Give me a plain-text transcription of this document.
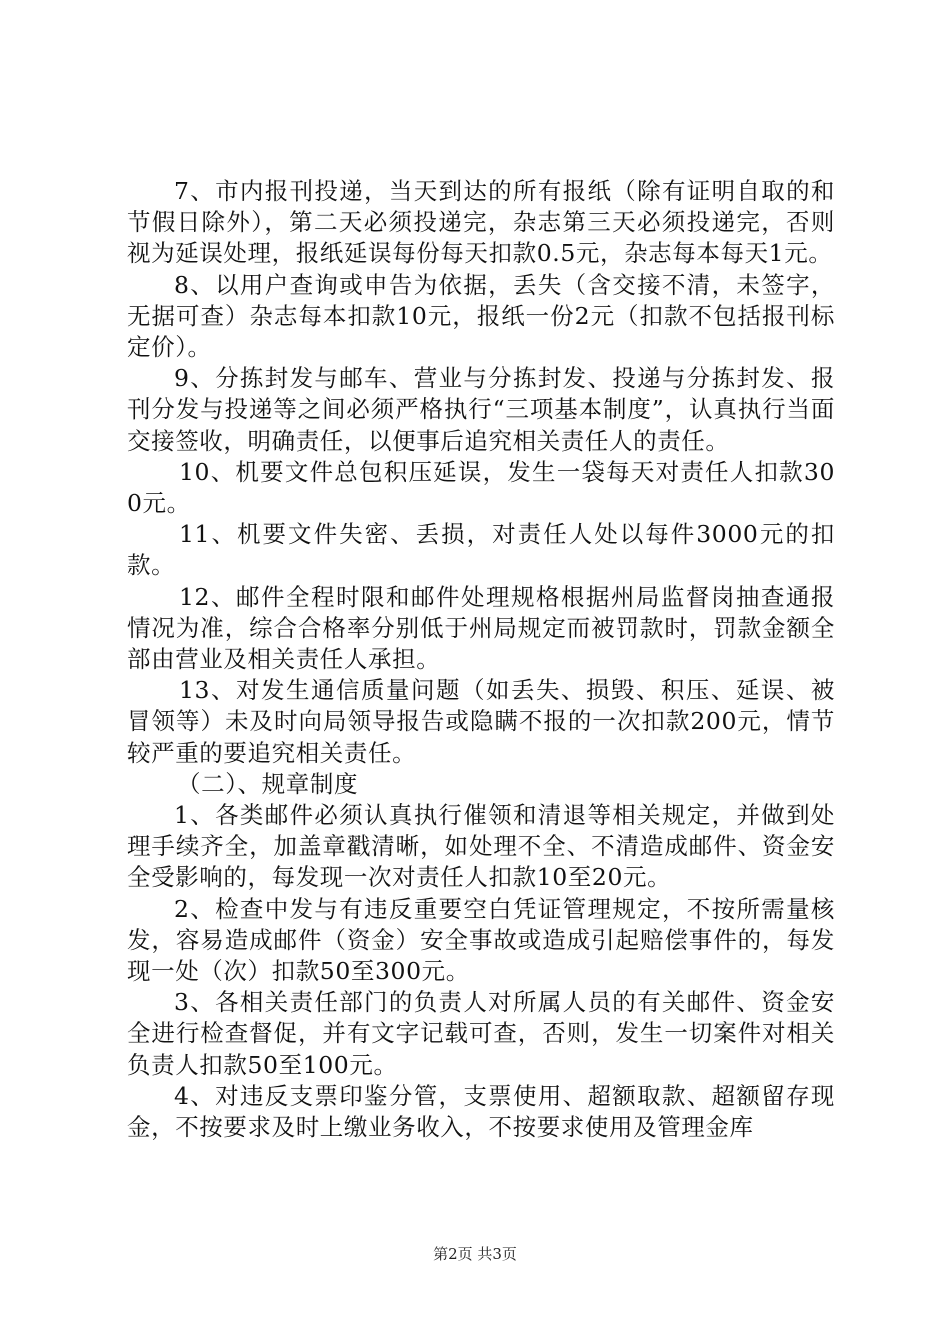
7、市内报刊投递，当天到达的所有报纸（除有证明自取的和节假日除外），第二天必须投递完，杂志第三天必须投递完，否则视为延误处理，报纸延误每份每天扣款0.5元，杂志每本每天1元。

8、以用户查询或申告为依据，丢失（含交接不清，未签字，无据可查）杂志每本扣款10元，报纸一份2元（扣款不包括报刊标定价）。

9、分拣封发与邮车、营业与分拣封发、投递与分拣封发、报刊分发与投递等之间必须严格执行“三项基本制度”，认真执行当面交接签收，明确责任，以便事后追究相关责任人的责任。

10、机要文件总包积压延误，发生一袋每天对责任人扣款300元。

11、机要文件失密、丢损，对责任人处以每件3000元的扣款。

12、邮件全程时限和邮件处理规格根据州局监督岗抽查通报情况为准，综合合格率分别低于州局规定而被罚款时，罚款金额全部由营业及相关责任人承担。

13、对发生通信质量问题（如丢失、损毁、积压、延误、被冒领等）未及时向局领导报告或隐瞒不报的一次扣款200元，情节较严重的要追究相关责任。

（二）、规章制度

1、各类邮件必须认真执行催领和清退等相关规定，并做到处理手续齐全，加盖章戳清晰，如处理不全、不清造成邮件、资金安全受影响的，每发现一次对责任人扣款10至20元。

2、检查中发与有违反重要空白凭证管理规定，不按所需量核发，容易造成邮件（资金）安全事故或造成引起赔偿事件的，每发现一处（次）扣款50至300元。

3、各相关责任部门的负责人对所属人员的有关邮件、资金安全进行检查督促，并有文字记载可查，否则，发生一切案件对相关负责人扣款50至100元。

4、对违反支票印鉴分管，支票使用、超额取款、超额留存现金，不按要求及时上缴业务收入，不按要求使用及管理金库

第2页 共3页
